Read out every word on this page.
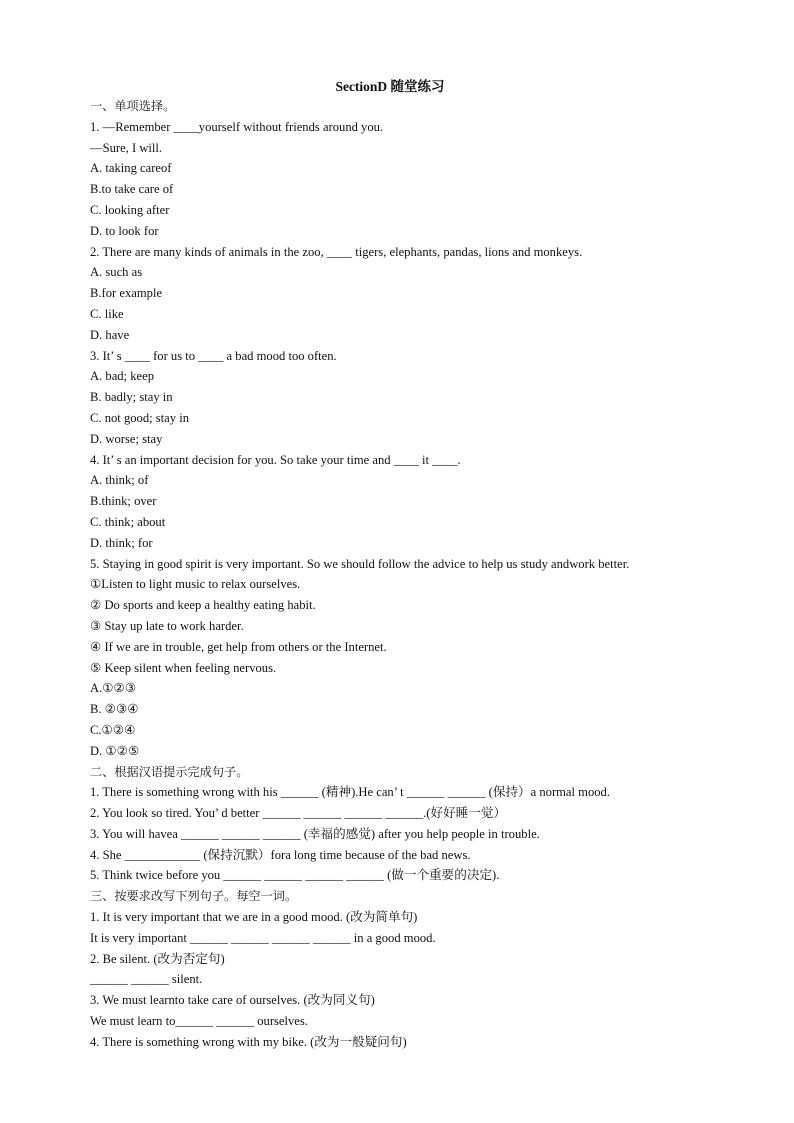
SectionD 随堂练习
一、单项选择。
1. —Remember ____yourself without friends around you.
—Sure, I will.
A. taking careof
B.to take care of
C. looking after
D. to look for
2. There are many kinds of animals in the zoo, ____ tigers, elephants, pandas, lions and monkeys.
A. such as
B.for example
C. like
D. have
3. It’ s ____ for us to ____ a bad mood too often.
A. bad; keep
B. badly; stay in
C. not good; stay in
D. worse; stay
4. It’ s an important decision for you. So take your time and ____ it ____.
A. think; of
B.think; over
C. think; about
D. think; for
5. Staying in good spirit is very important. So we should follow the advice to help us study andwork better.
①Listen to light music to relax ourselves.
② Do sports and keep a healthy eating habit.
③ Stay up late to work harder.
④ If we are in trouble, get help from others or the Internet.
⑤ Keep silent when feeling nervous.
A.①②③
B. ②③④
C.①②④
D. ①②⑤
二、根据汉语提示完成句子。
1. There is something wrong with his ______ (精神).He can’ t ______ ______ (保持）a normal mood.
2. You look so tired. You’ d better ______ ______ ______ ______.(好好睡一觉）
3. You will havea ______ ______ ______ (幸福的感觉) after you help people in trouble.
4. She ____________ (保持沉默）fora long time because of the bad news.
5. Think twice before you ______ ______ ______ ______ (做一个重要的决定).
三、按要求改写下列句子。每空一词。
1. It is very important that we are in a good mood. (改为简单句)
It is very important ______ ______ ______ ______ in a good mood.
2. Be silent. (改为否定句)
______ ______ silent.
3. We must learnto take care of ourselves. (改为同义句)
We must learn to______ ______ ourselves.
4. There is something wrong with my bike. (改为一般疑问句)
